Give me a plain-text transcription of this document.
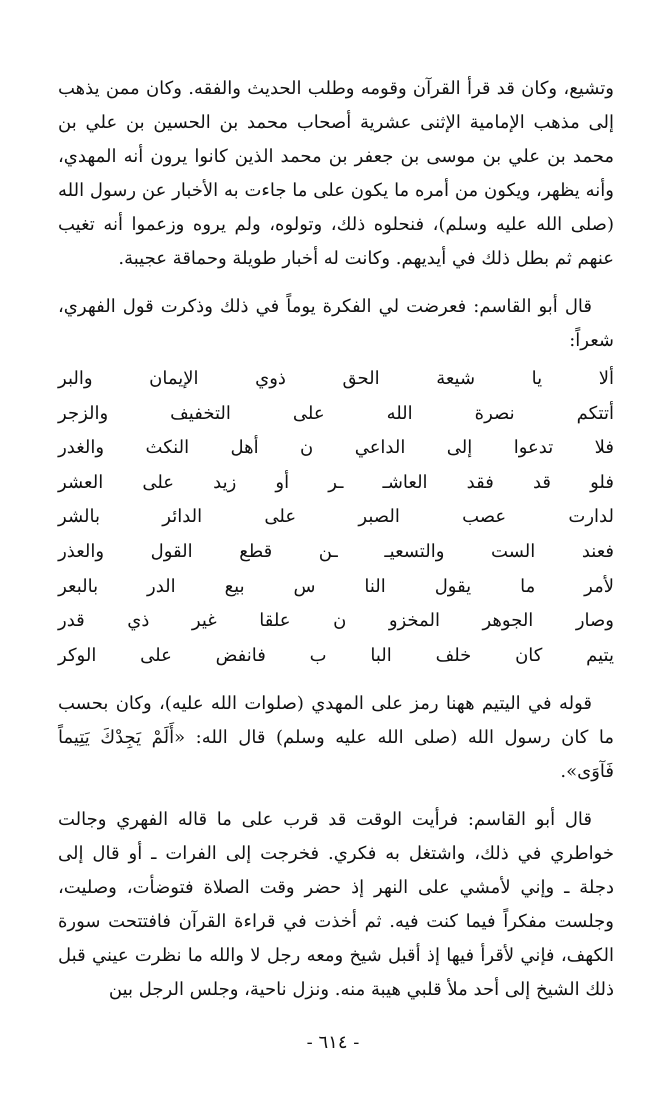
وتشيع، وكان قد قرأ القرآن وقومه وطلب الحديث والفقه. وكان ممن يذهب إلى مذهب الإمامية الإثنى عشرية أصحاب محمد بن الحسين بن علي بن محمد بن علي بن موسى بن جعفر بن محمد الذين كانوا يرون أنه المهدي، وأنه يظهر، ويكون من أمره ما يكون على ما جاءت به الأخبار عن رسول الله (صلى الله عليه وسلم)، فنحلوه ذلك، وتولوه، ولم يروه وزعموا أنه تغيب عنهم ثم بطل ذلك في أيديهم. وكانت له أخبار طويلة وحماقة عجيبة.

قال أبو القاسم: فعرضت لي الفكرة يوماً في ذلك وذكرت قول الفهري، شعراً:

ألا
يا
شيعة
الحق
ذوي
الإيمان
والبر
أتتكم
نصرة
الله
على
التخفيف
والزجر
فلا
تدعوا
إلى
الداعي
ن
أهل
النكث
والغدر
فلو
قد
فقد
العاشـ
ـر
أو
زيد
على
العشر
لدارت
عصب
الصبر
على
الدائر
بالشر
فعند
الست
والتسعيـ
ـن
قطع
القول
والعذر
لأمر
ما
يقول
النا
س
بيع
الدر
بالبعر
وصار
الجوهر
المخزو
ن
علقا
غير
ذي
قدر
يتيم
كان
خلف
البا
ب
فانفض
على
الوكر

قوله في اليتيم ههنا رمز على المهدي (صلوات الله عليه)، وكان بحسب ما كان رسول الله (صلى الله عليه وسلم) قال الله: «أَلَمْ يَجِدْكَ يَتِيماً فَآوَى».

قال أبو القاسم: فرأيت الوقت قد قرب على ما قاله الفهري وجالت خواطري في ذلك، واشتغل به فكري. فخرجت إلى الفرات ـ أو قال إلى دجلة ـ وإني لأمشي على النهر إذ حضر وقت الصلاة فتوضأت، وصليت، وجلست مفكراً فيما كنت فيه. ثم أخذت في قراءة القرآن فافتتحت سورة الكهف، فإني لأقرأ فيها إذ أقبل شيخ ومعه رجل لا والله ما نظرت عيني قبل ذلك الشيخ إلى أحد ملأ قلبي هيبة منه. ونزل ناحية، وجلس الرجل بين

- ٦١٤ -
